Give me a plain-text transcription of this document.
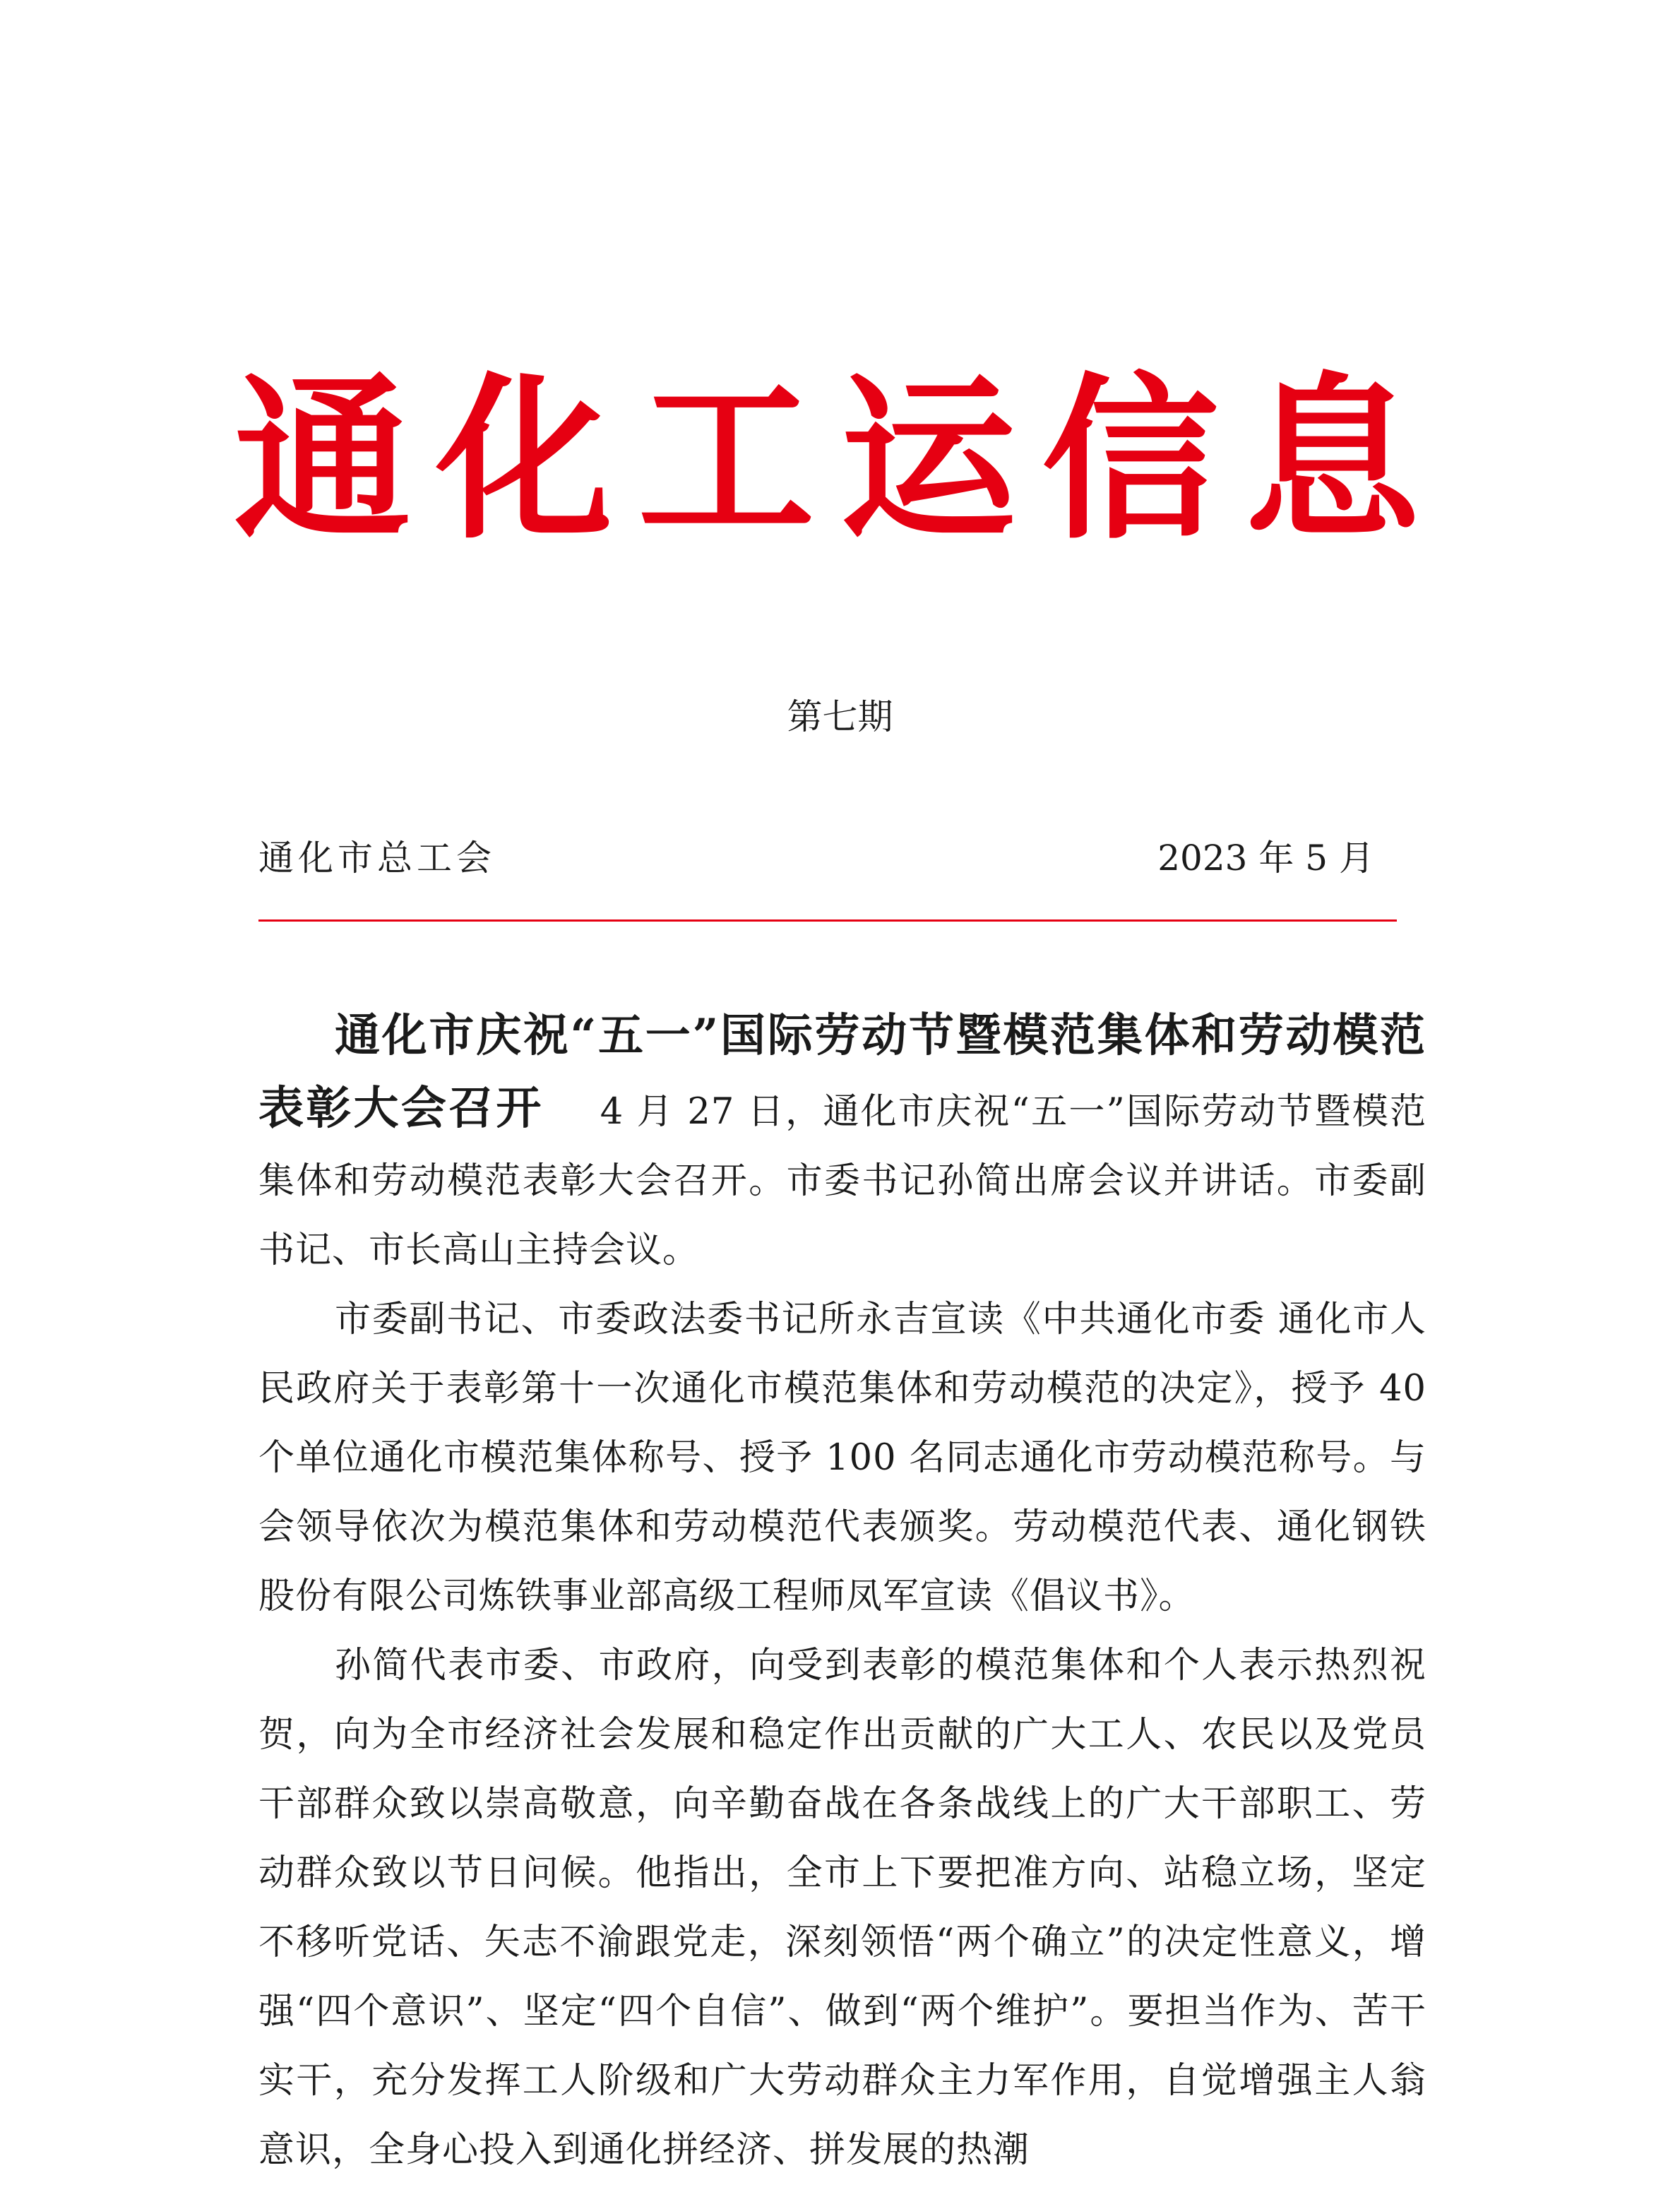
通化工运信息
第七期
通化市总工会	2023 年 5 月

通化市庆祝“五一”国际劳动节暨模范集体和劳动模范表彰大会召开 4 月 27 日，通化市庆祝“五一”国际劳动节暨模范集体和劳动模范表彰大会召开。市委书记孙简出席会议并讲话。市委副书记、市长高山主持会议。

市委副书记、市委政法委书记所永吉宣读《中共通化市委 通化市人民政府关于表彰第十一次通化市模范集体和劳动模范的决定》，授予 40 个单位通化市模范集体称号、授予 100 名同志通化市劳动模范称号。与会领导依次为模范集体和劳动模范代表颁奖。劳动模范代表、通化钢铁股份有限公司炼铁事业部高级工程师凤军宣读《倡议书》。

孙简代表市委、市政府，向受到表彰的模范集体和个人表示热烈祝贺，向为全市经济社会发展和稳定作出贡献的广大工人、农民以及党员干部群众致以崇高敬意，向辛勤奋战在各条战线上的广大干部职工、劳动群众致以节日问候。他指出，全市上下要把准方向、站稳立场，坚定不移听党话、矢志不渝跟党走，深刻领悟“两个确立”的决定性意义，增强“四个意识”、坚定“四个自信”、做到“两个维护”。要担当作为、苦干实干，充分发挥工人阶级和广大劳动群众主力军作用，自觉增强主人翁意识，全身心投入到通化拼经济、拼发展的热潮
